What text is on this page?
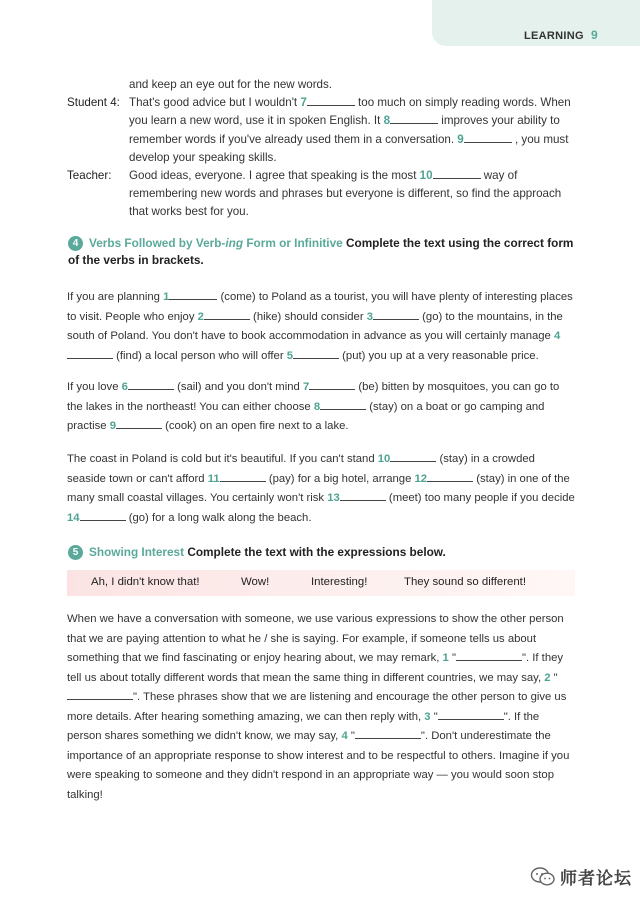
LEARNING 9
and keep an eye out for the new words.
Student 4: That's good advice but I wouldn't 7	too much on simply reading words. When you learn a new word, use it in spoken English. It 8	improves your ability to remember words if you've already used them in a conversation. 9	, you must develop your speaking skills.
Teacher:	Good ideas, everyone. I agree that speaking is the most 10	way of remembering new words and phrases but everyone is different, so find the approach that works best for you.
4 Verbs Followed by Verb-ing Form or Infinitive Complete the text using the correct form of the verbs in brackets.
If you are planning 1	(come) to Poland as a tourist, you will have plenty of interesting places to visit. People who enjoy 2	(hike) should consider 3	(go) to the mountains, in the south of Poland. You don't have to book accommodation in advance as you will certainly manage 4 (find) a local person who will offer 5	(put) you up at a very reasonable price.
If you love 6	(sail) and you don't mind 7	(be) bitten by mosquitoes, you can go to the lakes in the northeast! You can either choose 8	(stay) on a boat or go camping and practise 9	(cook) on an open fire next to a lake.
The coast in Poland is cold but it's beautiful. If you can't stand 10	(stay) in a crowded seaside town or can't afford 11	(pay) for a big hotel, arrange 12	(stay) in one of the many small coastal villages. You certainly won't risk 13	(meet) too many people if you decide 14	(go) for a long walk along the beach.
5 Showing Interest Complete the text with the expressions below.
Ah, I didn't know that!	Wow!	Interesting!	They sound so different!
When we have a conversation with someone, we use various expressions to show the other person that we are paying attention to what he / she is saying. For example, if someone tells us about something that we find fascinating or enjoy hearing about, we may remark, 1 "	". If they tell us about totally different words that mean the same thing in different countries, we may say, 2 "". These phrases show that we are listening and encourage the other person to give us more details. After hearing something amazing, we can then reply with, 3 "	". If the person shares something we didn't know, we may say, 4 "	". Don't underestimate the importance of an appropriate response to show interest and to be respectful to others. Imagine if you were speaking to someone and they didn't respond in an appropriate way — you would soon stop talking!
师者论坛
